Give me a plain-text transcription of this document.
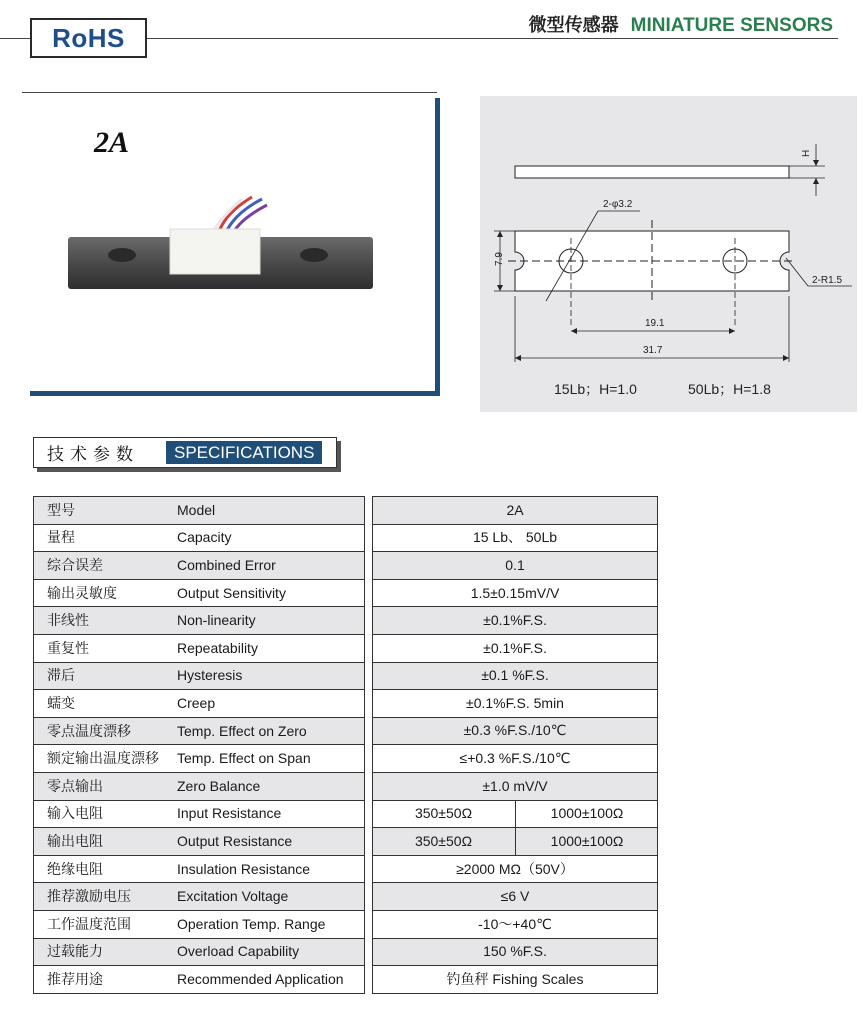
RoHS	微型传感器 MINIATURE SENSORS
2A	H
2-φ3.2
2-R1.5
7.9
19.1
31.7
15Lb；H=1.0	50Lb；H=1.8
技术参数	SPECIFICATIONS
型号	Model	2A
量程	Capacity	15 Lb、 50Lb
综合误差	Combined Error	0.1
输出灵敏度	Output Sensitivity	1.5±0.15mV/V
非线性	Non-linearity	±0.1%F.S.
重复性	Repeatability	±0.1%F.S.
滞后	Hysteresis	±0.1 %F.S.
蠕变	Creep	±0.1%F.S. 5min
零点温度漂移	Temp. Effect on Zero	±0.3 %F.S./10℃
额定输出温度漂移	Temp. Effect on Span	≤+0.3 %F.S./10℃
零点输出	Zero Balance	±1.0 mV/V
输入电阻	Input Resistance	350±50Ω	1000±100Ω
输出电阻	Output Resistance	350±50Ω	1000±100Ω
绝缘电阻	Insulation Resistance	≥2000 MΩ（50V）
推荐激励电压	Excitation Voltage	≤6 V
工作温度范围	Operation Temp. Range	-10～+40℃
过载能力	Overload Capability	150 %F.S.
推荐用途	Recommended Application	钓鱼秤 Fishing Scales
